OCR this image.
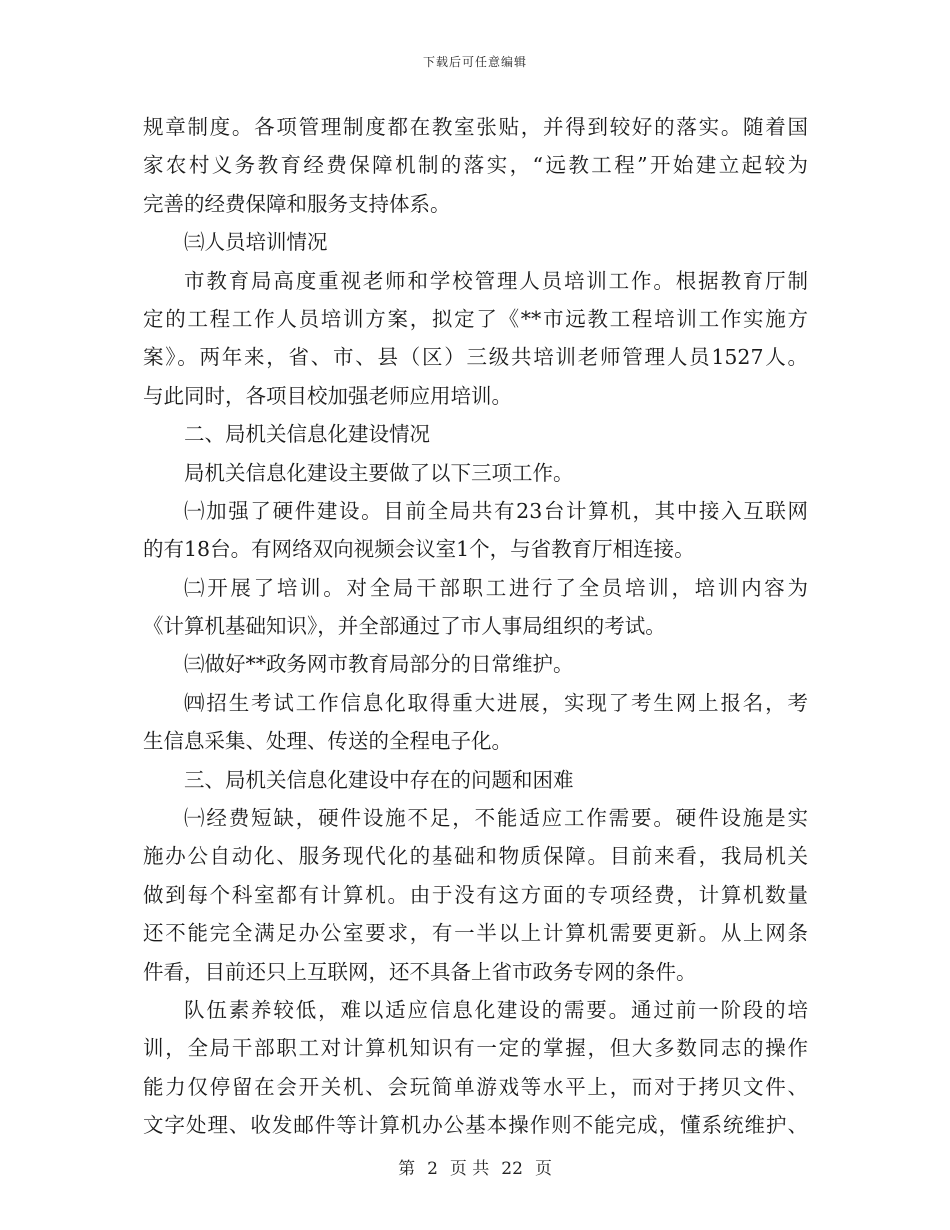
下载后可任意编辑
规章制度。各项管理制度都在教室张贴，并得到较好的落实。随着国
家农村义务教育经费保障机制的落实，“远教工程”开始建立起较为
完善的经费保障和服务支持体系。
㈢人员培训情况
市教育局高度重视老师和学校管理人员培训工作。根据教育厅制
定的工程工作人员培训方案，拟定了《**市远教工程培训工作实施方
案》。两年来，省、市、县（区）三级共培训老师管理人员1527人。
与此同时，各项目校加强老师应用培训。
二、局机关信息化建设情况
局机关信息化建设主要做了以下三项工作。
㈠加强了硬件建设。目前全局共有23台计算机，其中接入互联网
的有18台。有网络双向视频会议室1个，与省教育厅相连接。
㈡开展了培训。对全局干部职工进行了全员培训，培训内容为
《计算机基础知识》，并全部通过了市人事局组织的考试。
㈢做好**政务网市教育局部分的日常维护。
㈣招生考试工作信息化取得重大进展，实现了考生网上报名，考
生信息采集、处理、传送的全程电子化。
三、局机关信息化建设中存在的问题和困难
㈠经费短缺，硬件设施不足，不能适应工作需要。硬件设施是实
施办公自动化、服务现代化的基础和物质保障。目前来看，我局机关
做到每个科室都有计算机。由于没有这方面的专项经费，计算机数量
还不能完全满足办公室要求，有一半以上计算机需要更新。从上网条
件看，目前还只上互联网，还不具备上省市政务专网的条件。
队伍素养较低，难以适应信息化建设的需要。通过前一阶段的培
训，全局干部职工对计算机知识有一定的掌握，但大多数同志的操作
能力仅停留在会开关机、会玩简单游戏等水平上，而对于拷贝文件、
文字处理、收发邮件等计算机办公基本操作则不能完成，懂系统维护、
第 2 页 共 22 页
